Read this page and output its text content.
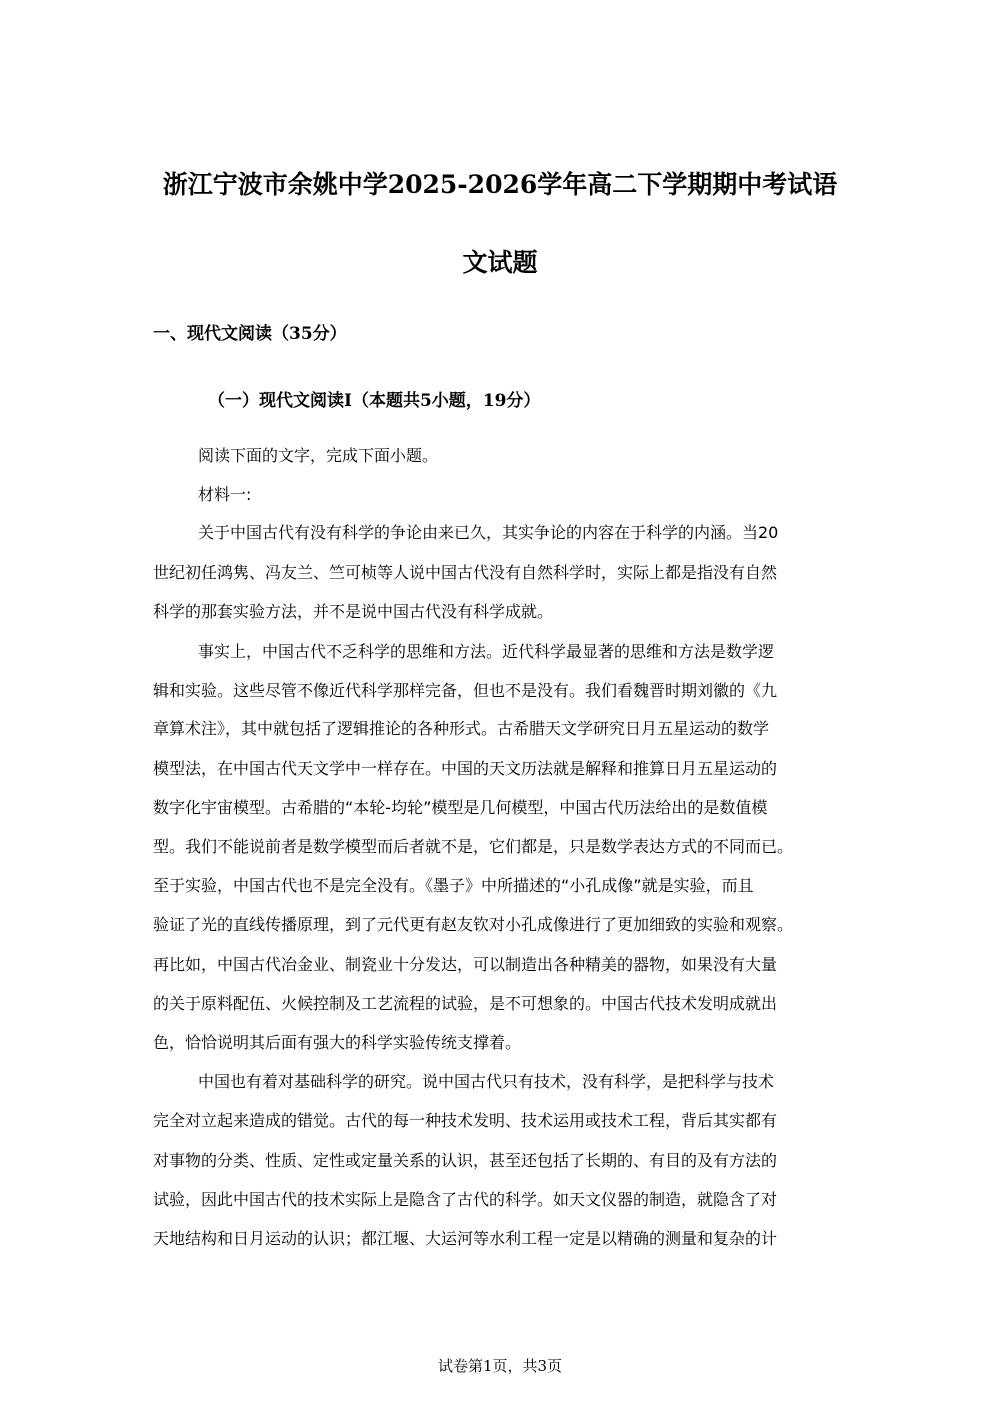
浙江宁波市余姚中学2025-2026学年高二下学期期中考试语
文试题
一、现代文阅读（35分）
（一）现代文阅读Ⅰ（本题共5小题，19分）
阅读下面的文字，完成下面小题。
材料一:
关于中国古代有没有科学的争论由来已久，其实争论的内容在于科学的内涵。当20
世纪初任鸿隽、冯友兰、竺可桢等人说中国古代没有自然科学时，实际上都是指没有自然
科学的那套实验方法，并不是说中国古代没有科学成就。
事实上，中国古代不乏科学的思维和方法。近代科学最显著的思维和方法是数学逻
辑和实验。这些尽管不像近代科学那样完备，但也不是没有。我们看魏晋时期刘徽的《九
章算术注》，其中就包括了逻辑推论的各种形式。古希腊天文学研究日月五星运动的数学
模型法，在中国古代天文学中一样存在。中国的天文历法就是解释和推算日月五星运动的
数字化宇宙模型。古希腊的“本轮-均轮”模型是几何模型，中国古代历法给出的是数值模
型。我们不能说前者是数学模型而后者就不是，它们都是，只是数学表达方式的不同而已。
至于实验，中国古代也不是完全没有。《墨子》中所描述的“小孔成像”就是实验，而且
验证了光的直线传播原理，到了元代更有赵友钦对小孔成像进行了更加细致的实验和观察。
再比如，中国古代冶金业、制瓷业十分发达，可以制造出各种精美的器物，如果没有大量
的关于原料配伍、火候控制及工艺流程的试验，是不可想象的。中国古代技术发明成就出
色，恰恰说明其后面有强大的科学实验传统支撑着。
中国也有着对基础科学的研究。说中国古代只有技术，没有科学，是把科学与技术
完全对立起来造成的错觉。古代的每一种技术发明、技术运用或技术工程，背后其实都有
对事物的分类、性质、定性或定量关系的认识，甚至还包括了长期的、有目的及有方法的
试验，因此中国古代的技术实际上是隐含了古代的科学。如天文仪器的制造，就隐含了对
天地结构和日月运动的认识；都江堰、大运河等水利工程一定是以精确的测量和复杂的计
试卷第1页，共3页
